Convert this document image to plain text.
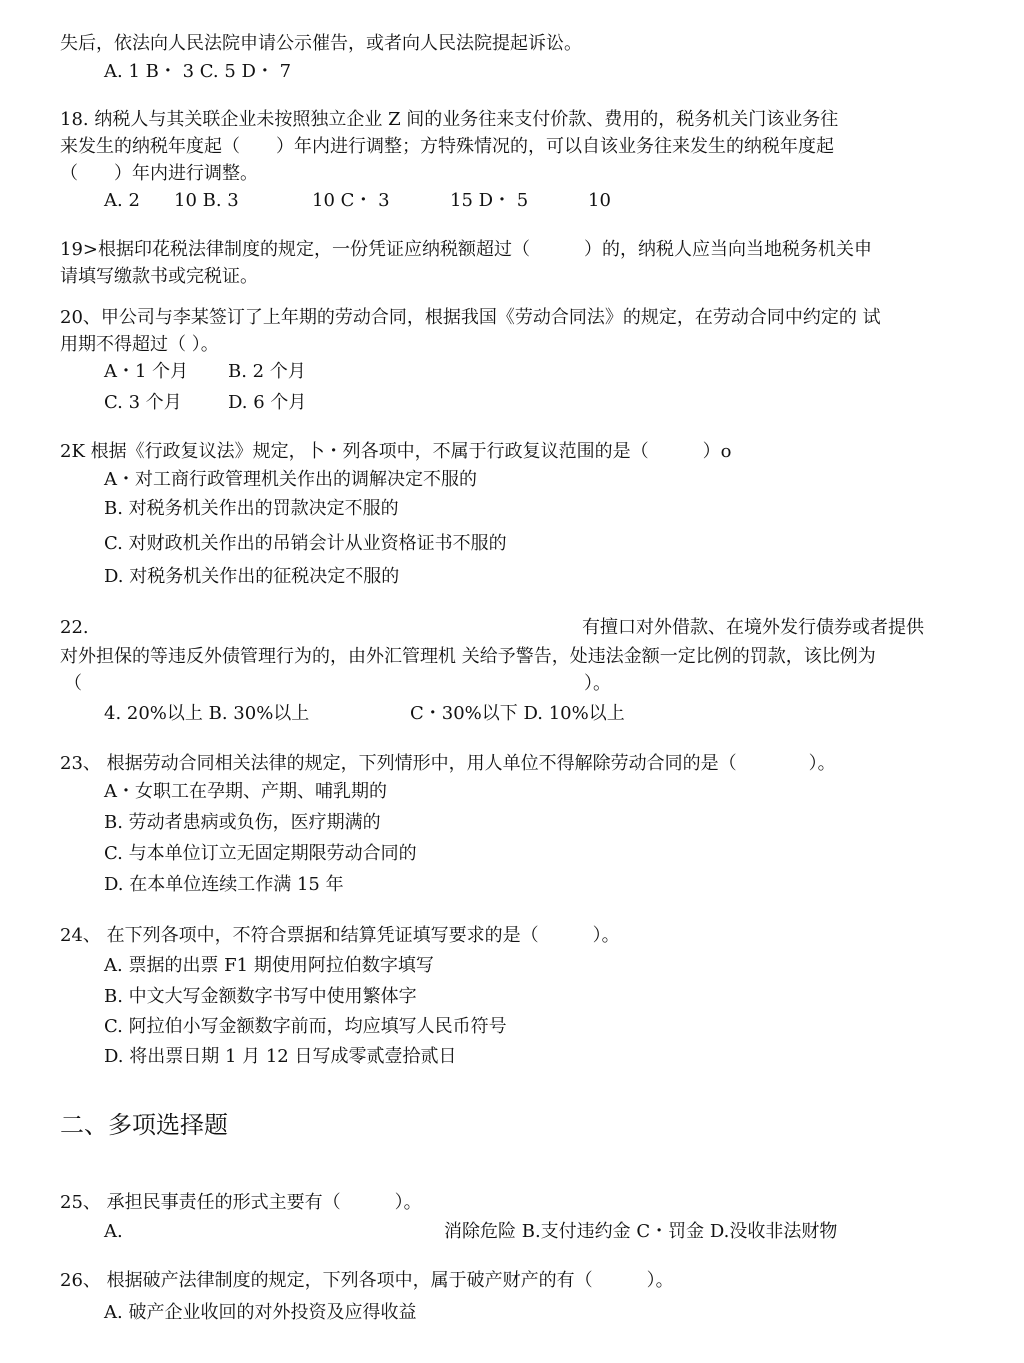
失后，依法向人民法院申请公示催告，或者向人民法院提起诉讼。
A. 1 B・ 3 C. 5 D・ 7
18. 纳税人与其关联企业未按照独立企业 Z 间的业务往来支付价款、费用的，税务机关门该业务往
来发生的纳税年度起（　　）年内进行调整；方特殊情况的，可以自该业务往来发生的纳税年度起
（　　）年内进行调整。
A. 2 10 B. 3	10 C・ 3	15 D・ 5	10
19>根据印花税法律制度的规定，一份凭证应纳税额超过（　　　）的，纳税人应当向当地税务机关申
请填写缴款书或完税证。
20、甲公司与李某签订了上年期的劳动合同，根据我国《劳动合同法》的规定，在劳动合同中约定的 试
用期不得超过（ ）。
A・1 个月 B. 2 个月
C. 3 个月	D. 6 个月
2K 根据《行政复议法》规定，卜・列各项中，不属于行政复议范围的是（　　　）o
A・对工商行政管理机关作出的调解决定不服的
B. 对税务机关作出的罚款决定不服的
C. 对财政机关作出的吊销会计从业资格证书不服的
D. 对税务机关作出的征税决定不服的
22.	有擅口对外借款、在境外发行债券或者提供
对外担保的等违反外债管理行为的，由外汇管理机 关给予警告，处违法金额一定比例的罚款，该比例为
（	）。
4. 20%以上 B. 30%以上	C・30%以下 D. 10%以上
23、 根据劳动合同相关法律的规定，下列情形中，用人单位不得解除劳动合同的是（　　　　）。
A・女职工在孕期、产期、哺乳期的
B. 劳动者患病或负伤，医疗期满的
C. 与本单位订立无固定期限劳动合同的
D. 在本单位连续工作满 15 年
24、 在下列各项中，不符合票据和结算凭证填写要求的是（　　　）。
A. 票据的出票 F1 期使用阿拉伯数字填写
B. 中文大写金额数字书写中使用繁体字
C. 阿拉伯小写金额数字前而，均应填写人民币符号
D. 将出票日期 1 月 12 日写成零贰壹拾贰日
二、多项选择题
25、 承担民事责任的形式主要有（　　　）。
A.	消除危险 B.支付违约金 C・罚金 D.没收非法财物
26、 根据破产法律制度的规定，下列各项中，属于破产财产的有（　　　）。
A. 破产企业收回的对外投资及应得收益
